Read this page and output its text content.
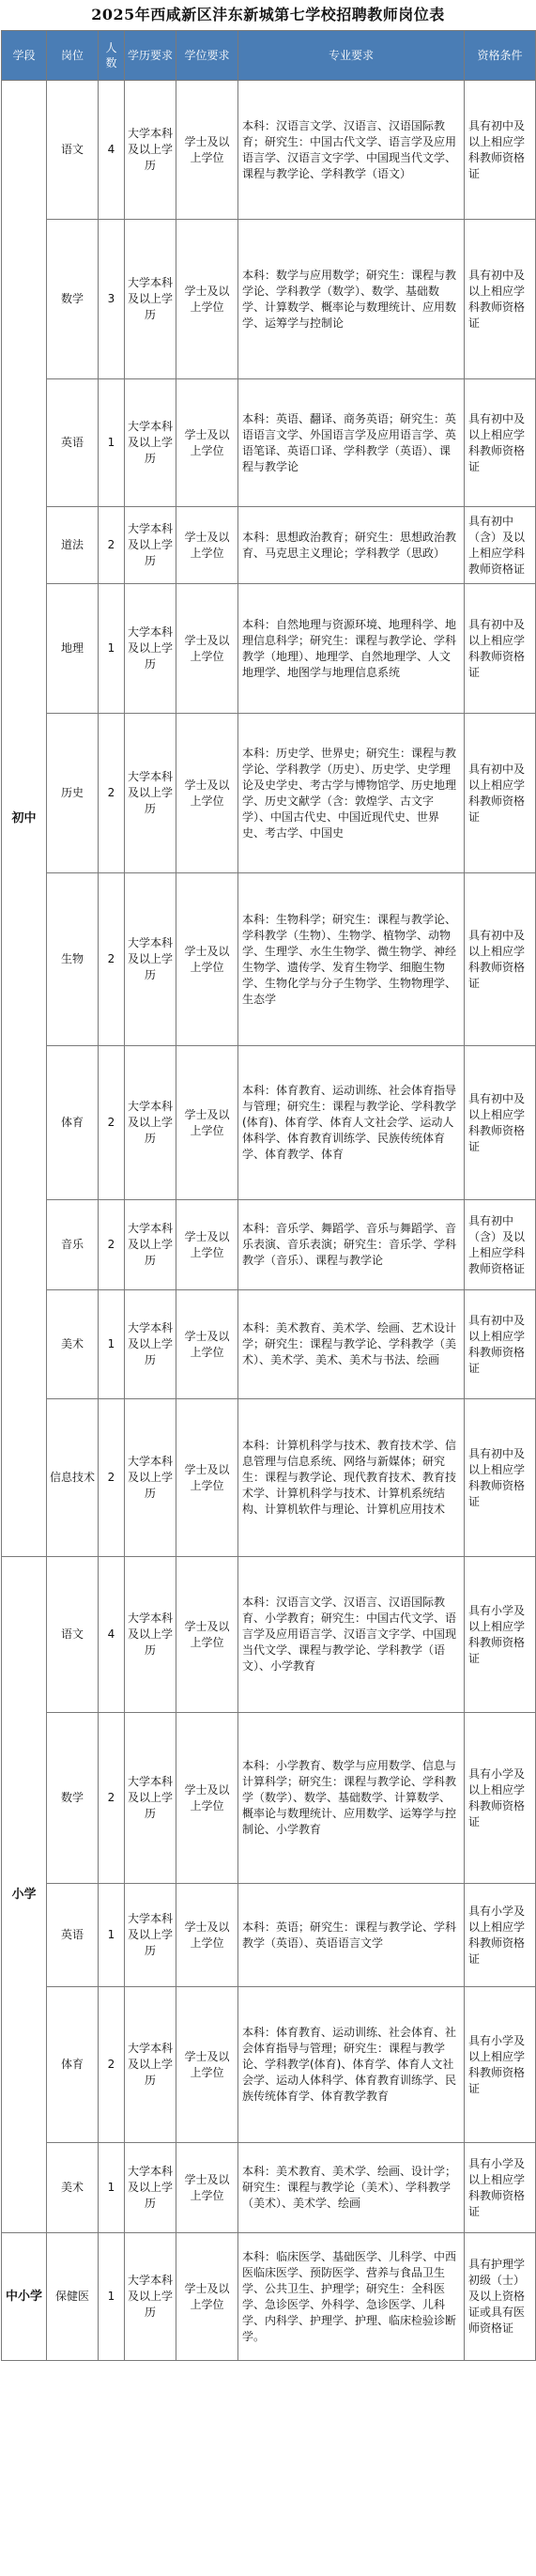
2025年西咸新区沣东新城第七学校招聘教师岗位表
学段	岗位	人数	学历要求	学位要求	专业要求	资格条件
初中	语文	4	大学本科及以上学历	学士及以上学位	本科：汉语言文学、汉语言、汉语国际教育；研究生：中国古代文学、语言学及应用语言学、汉语言文字学、中国现当代文学、课程与教学论、学科教学（语文）	具有初中及以上相应学科教师资格证
	数学	3	大学本科及以上学历	学士及以上学位	本科：数学与应用数学；研究生：课程与教学论、学科教学（数学）、数学、基础数学、计算数学、概率论与数理统计、应用数学、运筹学与控制论	具有初中及以上相应学科教师资格证
	英语	1	大学本科及以上学历	学士及以上学位	本科：英语、翻译、商务英语；研究生：英语语言文学、外国语言学及应用语言学、英语笔译、英语口译、学科教学（英语）、课程与教学论	具有初中及以上相应学科教师资格证
	道法	2	大学本科及以上学历	学士及以上学位	本科：思想政治教育；研究生：思想政治教育、马克思主义理论；学科教学（思政）	具有初中（含）及以上相应学科教师资格证
	地理	1	大学本科及以上学历	学士及以上学位	本科：自然地理与资源环境、地理科学、地理信息科学；研究生：课程与教学论、学科教学（地理）、地理学、自然地理学、人文地理学、地图学与地理信息系统	具有初中及以上相应学科教师资格证
	历史	2	大学本科及以上学历	学士及以上学位	本科：历史学、世界史；研究生：课程与教学论、学科教学（历史）、历史学、史学理论及史学史、考古学与博物馆学、历史地理学、历史文献学（含：敦煌学、古文字学）、中国古代史、中国近现代史、世界史、考古学、中国史	具有初中及以上相应学科教师资格证
	生物	2	大学本科及以上学历	学士及以上学位	本科：生物科学；研究生：课程与教学论、学科教学（生物）、生物学、植物学、动物学、生理学、水生生物学、微生物学、神经生物学、遗传学、发育生物学、细胞生物学、生物化学与分子生物学、生物物理学、生态学	具有初中及以上相应学科教师资格证
	体育	2	大学本科及以上学历	学士及以上学位	本科：体育教育、运动训练、社会体育指导与管理；研究生：课程与教学论、学科教学(体育)、体育学、体育人文社会学、运动人体科学、体育教育训练学、民族传统体育学、体育教学、体育	具有初中及以上相应学科教师资格证
	音乐	2	大学本科及以上学历	学士及以上学位	本科：音乐学、舞蹈学、音乐与舞蹈学、音乐表演、音乐表演；研究生：音乐学、学科教学（音乐）、课程与教学论	具有初中（含）及以上相应学科教师资格证
	美术	1	大学本科及以上学历	学士及以上学位	本科：美术教育、美术学、绘画、艺术设计学；研究生：课程与教学论、学科教学（美术）、美术学、美术、美术与书法、绘画	具有初中及以上相应学科教师资格证
	信息技术	2	大学本科及以上学历	学士及以上学位	本科：计算机科学与技术、教育技术学、信息管理与信息系统、网络与新媒体；研究生：课程与教学论、现代教育技术、教育技术学、计算机科学与技术、计算机系统结构、计算机软件与理论、计算机应用技术	具有初中及以上相应学科教师资格证
小学	语文	4	大学本科及以上学历	学士及以上学位	本科：汉语言文学、汉语言、汉语国际教育、小学教育；研究生：中国古代文学、语言学及应用语言学、汉语言文字学、中国现当代文学、课程与教学论、学科教学（语文）、小学教育	具有小学及以上相应学科教师资格证
	数学	2	大学本科及以上学历	学士及以上学位	本科：小学教育、数学与应用数学、信息与计算科学；研究生：课程与教学论、学科教学（数学）、数学、基础数学、计算数学、概率论与数理统计、应用数学、运筹学与控制论、小学教育	具有小学及以上相应学科教师资格证
	英语	1	大学本科及以上学历	学士及以上学位	本科：英语；研究生：课程与教学论、学科教学（英语）、英语语言文学	具有小学及以上相应学科教师资格证
	体育	2	大学本科及以上学历	学士及以上学位	本科：体育教育、运动训练、社会体育、社会体育指导与管理；研究生：课程与教学论、学科教学(体育)、体育学、体育人文社会学、运动人体科学、体育教育训练学、民族传统体育学、体育教学教育	具有小学及以上相应学科教师资格证
	美术	1	大学本科及以上学历	学士及以上学位	本科：美术教育、美术学、绘画、设计学；研究生：课程与教学论（美术）、学科教学（美术）、美术学、绘画	具有小学及以上相应学科教师资格证
中小学	保健医	1	大学本科及以上学历	学士及以上学位	本科：临床医学、基础医学、儿科学、中西医临床医学、预防医学、营养与食品卫生学、公共卫生、护理学；研究生：全科医学、急诊医学、外科学、急诊医学、儿科学、内科学、护理学、护理、临床检验诊断学。	具有护理学初级（士）及以上资格证或具有医师资格证
